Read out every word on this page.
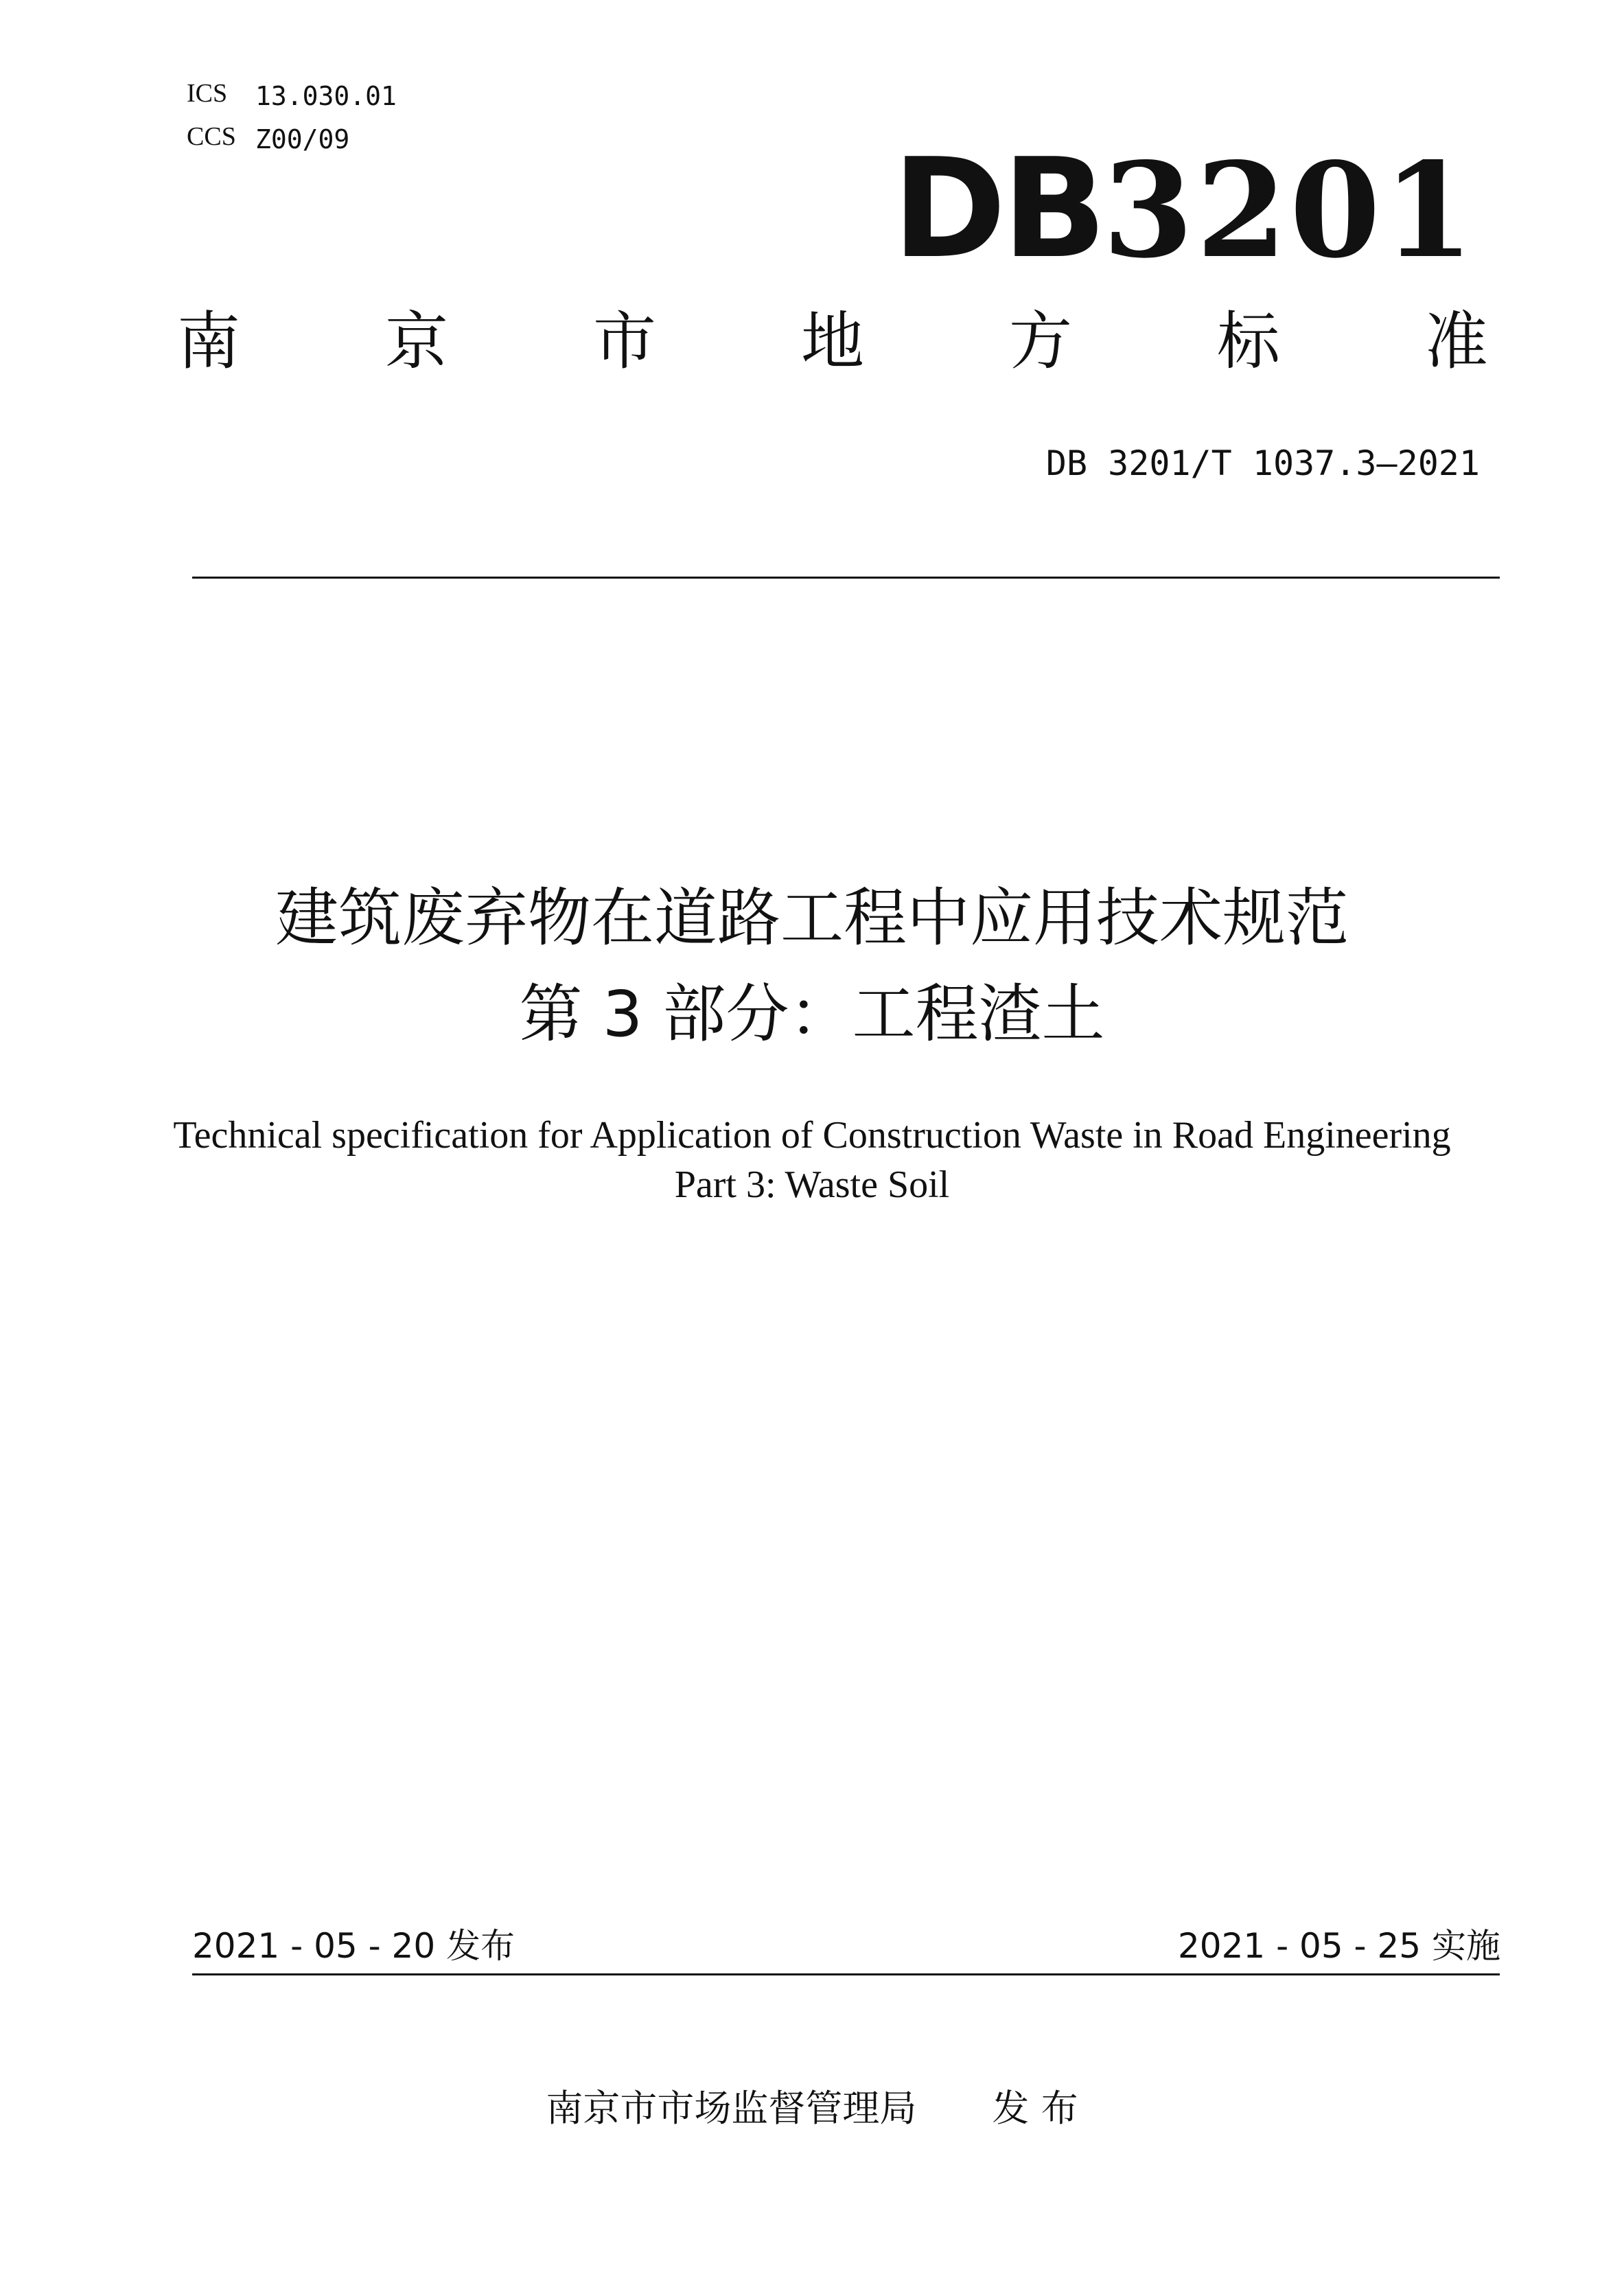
ICS 13.030.01
CCS Z00/09	DB3201
南 京 市 地 方 标 准
DB 3201/T 1037.3—2021
建筑废弃物在道路工程中应用技术规范
第 3 部分：工程渣土
Technical specification for Application of Construction Waste in Road Engineering
Part 3: Waste Soil
2021 - 05 - 20 发布	2021 - 05 - 25 实施
南京市市场监督管理局 发 布
